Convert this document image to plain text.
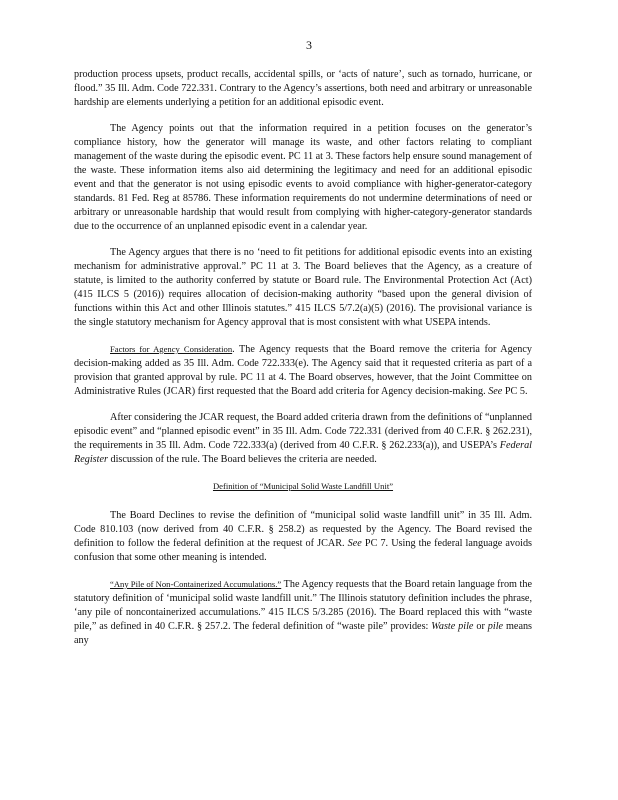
3

production process upsets, product recalls, accidental spills, or ‘acts of nature’, such as tornado, hurricane, or flood.” 35 Ill. Adm. Code 722.331. Contrary to the Agency’s assertions, both need and arbitrary or unreasonable hardship are elements underlying a petition for an additional episodic event.

The Agency points out that the information required in a petition focuses on the generator’s compliance history, how the generator will manage its waste, and other factors relating to compliant management of the waste during the episodic event. PC 11 at 3. These factors help ensure sound management of the waste. These information items also aid determining the legitimacy and need for an additional episodic event and that the generator is not using episodic events to avoid compliance with higher-generator-category standards. 81 Fed. Reg at 85786. These information requirements do not undermine determinations of need or arbitrary or unreasonable hardship that would result from complying with higher-category-generator standards due to the occurrence of an unplanned episodic event in a calendar year.

The Agency argues that there is no ‘need to fit petitions for additional episodic events into an existing mechanism for administrative approval.” PC 11 at 3. The Board believes that the Agency, as a creature of statute, is limited to the authority conferred by statute or Board rule. The Environmental Protection Act (Act) (415 ILCS 5 (2016)) requires allocation of decision-making authority “based upon the general division of functions within this Act and other Illinois statutes.” 415 ILCS 5/7.2(a)(5) (2016). The provisional variance is the single statutory mechanism for Agency approval that is most consistent with what USEPA intends.

Factors for Agency Consideration. The Agency requests that the Board remove the criteria for Agency decision-making added as 35 Ill. Adm. Code 722.333(e). The Agency said that it requested criteria as part of a provision that granted approval by rule. PC 11 at 4. The Board observes, however, that the Joint Committee on Administrative Rules (JCAR) first requested that the Board add criteria for Agency decision-making. See PC 5.

After considering the JCAR request, the Board added criteria drawn from the definitions of “unplanned episodic event” and “planned episodic event” in 35 Ill. Adm. Code 722.331 (derived from 40 C.F.R. § 262.231), the requirements in 35 Ill. Adm. Code 722.333(a) (derived from 40 C.F.R. § 262.233(a)), and USEPA’s Federal Register discussion of the rule. The Board believes the criteria are needed.

Definition of “Municipal Solid Waste Landfill Unit”

The Board Declines to revise the definition of “municipal solid waste landfill unit” in 35 Ill. Adm. Code 810.103 (now derived from 40 C.F.R. § 258.2) as requested by the Agency. The Board revised the definition to follow the federal definition at the request of JCAR. See PC 7. Using the federal language avoids confusion that some other meaning is intended.

“Any Pile of Non-Containerized Accumulations.” The Agency requests that the Board retain language from the statutory definition of ‘municipal solid waste landfill unit.” The Illinois statutory definition includes the phrase, ‘any pile of noncontainerized accumulations.” 415 ILCS 5/3.285 (2016). The Board replaced this with “waste pile,” as defined in 40 C.F.R. § 257.2. The federal definition of “waste pile” provides: Waste pile or pile means any
